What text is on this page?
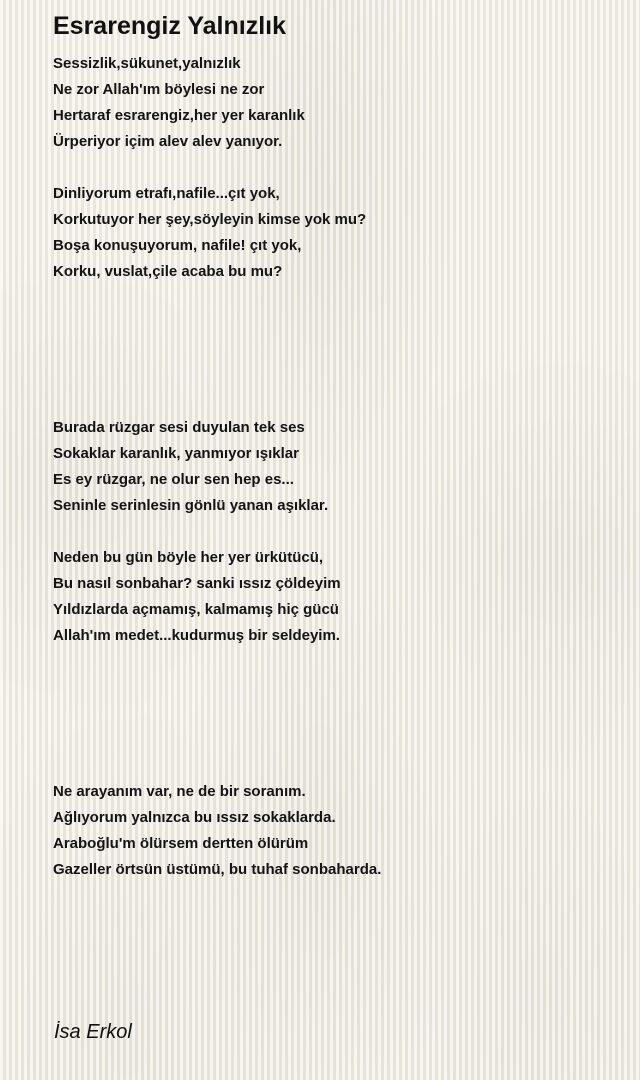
Esrarengiz Yalnızlık
Sessizlik,sükunet,yalnızlık
Ne zor Allah'ım böylesi ne zor
Hertaraf esrarengiz,her yer karanlık
Ürperiyor içim alev alev yanıyor.
Dinliyorum etrafı,nafile...çıt yok,
Korkutuyor her şey,söyleyin kimse yok mu?
Boşa konuşuyorum, nafile! çıt yok,
Korku, vuslat,çile acaba bu mu?
Burada rüzgar sesi duyulan tek ses
Sokaklar karanlık, yanmıyor ışıklar
Es ey rüzgar, ne olur sen hep es...
Seninle serinlesin gönlü yanan aşıklar.
Neden bu gün böyle her yer ürkütücü,
Bu nasıl sonbahar? sanki ıssız çöldeyim
Yıldızlarda açmamış, kalmamış hiç gücü
Allah'ım medet...kudurmuş bir seldeyim.
Ne arayanım var, ne de bir soranım.
Ağlıyorum yalnızca bu ıssız sokaklarda.
Araboğlu'm ölürsem dertten ölürüm
Gazeller örtsün üstümü, bu tuhaf sonbaharda.
İsa Erkol
